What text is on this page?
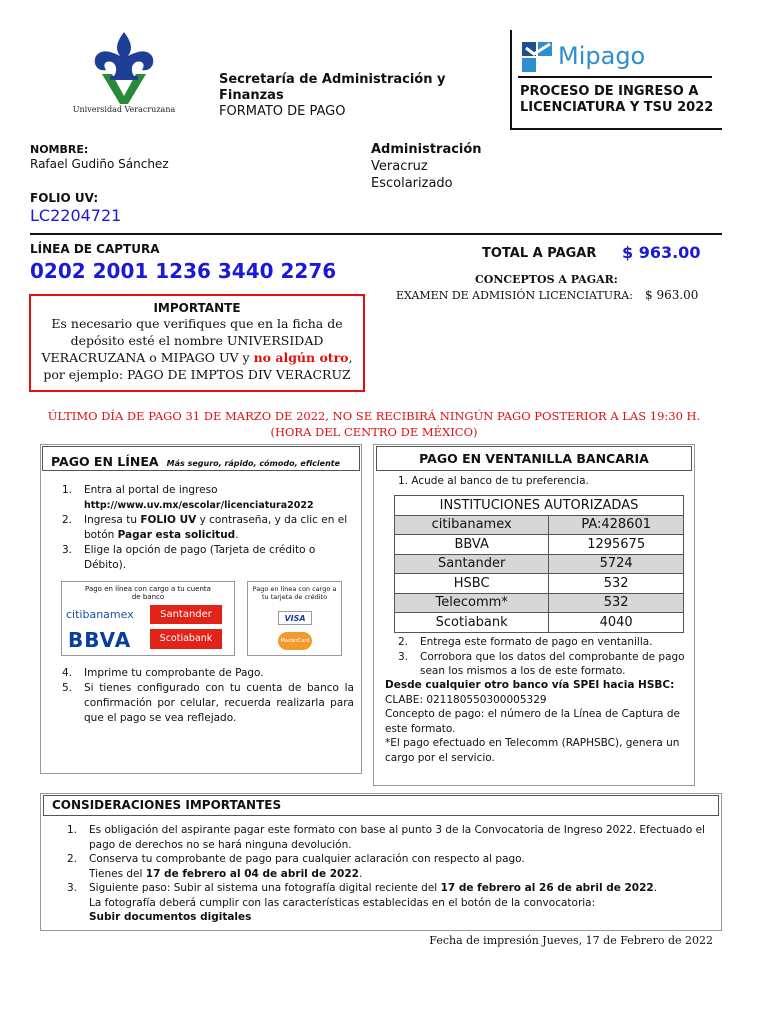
Universidad Veracruzana
Secretaría de Administración y Finanzas
FORMATO DE PAGO
Mipago
PROCESO DE INGRESO A LICENCIATURA Y TSU 2022
NOMBRE:
Rafael Gudiño Sánchez
FOLIO UV:
LC2204721
Administración
Veracruz
Escolarizado
LÍNEA DE CAPTURA
0202 2001 1236 3440 2276
TOTAL A PAGAR $ 963.00
CONCEPTOS A PAGAR:
EXAMEN DE ADMISIÓN LICENCIATURA: $ 963.00
IMPORTANTE
Es necesario que verifiques que en la ficha de depósito esté el nombre UNIVERSIDAD VERACRUZANA o MIPAGO UV y no algún otro, por ejemplo: PAGO DE IMPTOS DIV VERACRUZ
ÚLTIMO DÍA DE PAGO 31 DE MARZO DE 2022, NO SE RECIBIRÁ NINGÚN PAGO POSTERIOR A LAS 19:30 H.
(HORA DEL CENTRO DE MÉXICO)
PAGO EN LÍNEA Más seguro, rápido, cómodo, eficiente
1. Entra al portal de ingreso
http://www.uv.mx/escolar/licenciatura2022
2. Ingresa tu FOLIO UV y contraseña, y da clic en el botón Pagar esta solicitud.
3. Elige la opción de pago (Tarjeta de crédito o Débito).
Pago en línea con cargo a tu cuenta de banco
citibanamex	Santander
BBVA	Scotiabank
Pago en línea con cargo a tu tarjeta de crédito
VISA
MasterCard
4. Imprime tu comprobante de Pago.
5. Si tienes configurado con tu cuenta de banco la confirmación por celular, recuerda realizarla para que el pago se vea reflejado.
PAGO EN VENTANILLA BANCARIA
1. Acude al banco de tu preferencia.
INSTITUCIONES AUTORIZADAS	
citibanamex	PA:428601
BBVA	1295675
Santander	5724
HSBC	532
Telecomm*	532
Scotiabank	4040
2. Entrega este formato de pago en ventanilla.
3. Corrobora que los datos del comprobante de pago sean los mismos a los de este formato.
Desde cualquier otro banco vía SPEI hacia HSBC:
CLABE: 021180550300005329
Concepto de pago: el número de la Línea de Captura de este formato.
*El pago efectuado en Telecomm (RAPHSBC), genera un cargo por el servicio.
CONSIDERACIONES IMPORTANTES
1. Es obligación del aspirante pagar este formato con base al punto 3 de la Convocatoria de Ingreso 2022. Efectuado el pago de derechos no se hará ninguna devolución.
2. Conserva tu comprobante de pago para cualquier aclaración con respecto al pago.
Tienes del 17 de febrero al 04 de abril de 2022.
3. Siguiente paso: Subir al sistema una fotografía digital reciente del 17 de febrero al 26 de abril de 2022.
La fotografía deberá cumplir con las características establecidas en el botón de la convocatoria:
Subir documentos digitales
Fecha de impresión Jueves, 17 de Febrero de 2022
